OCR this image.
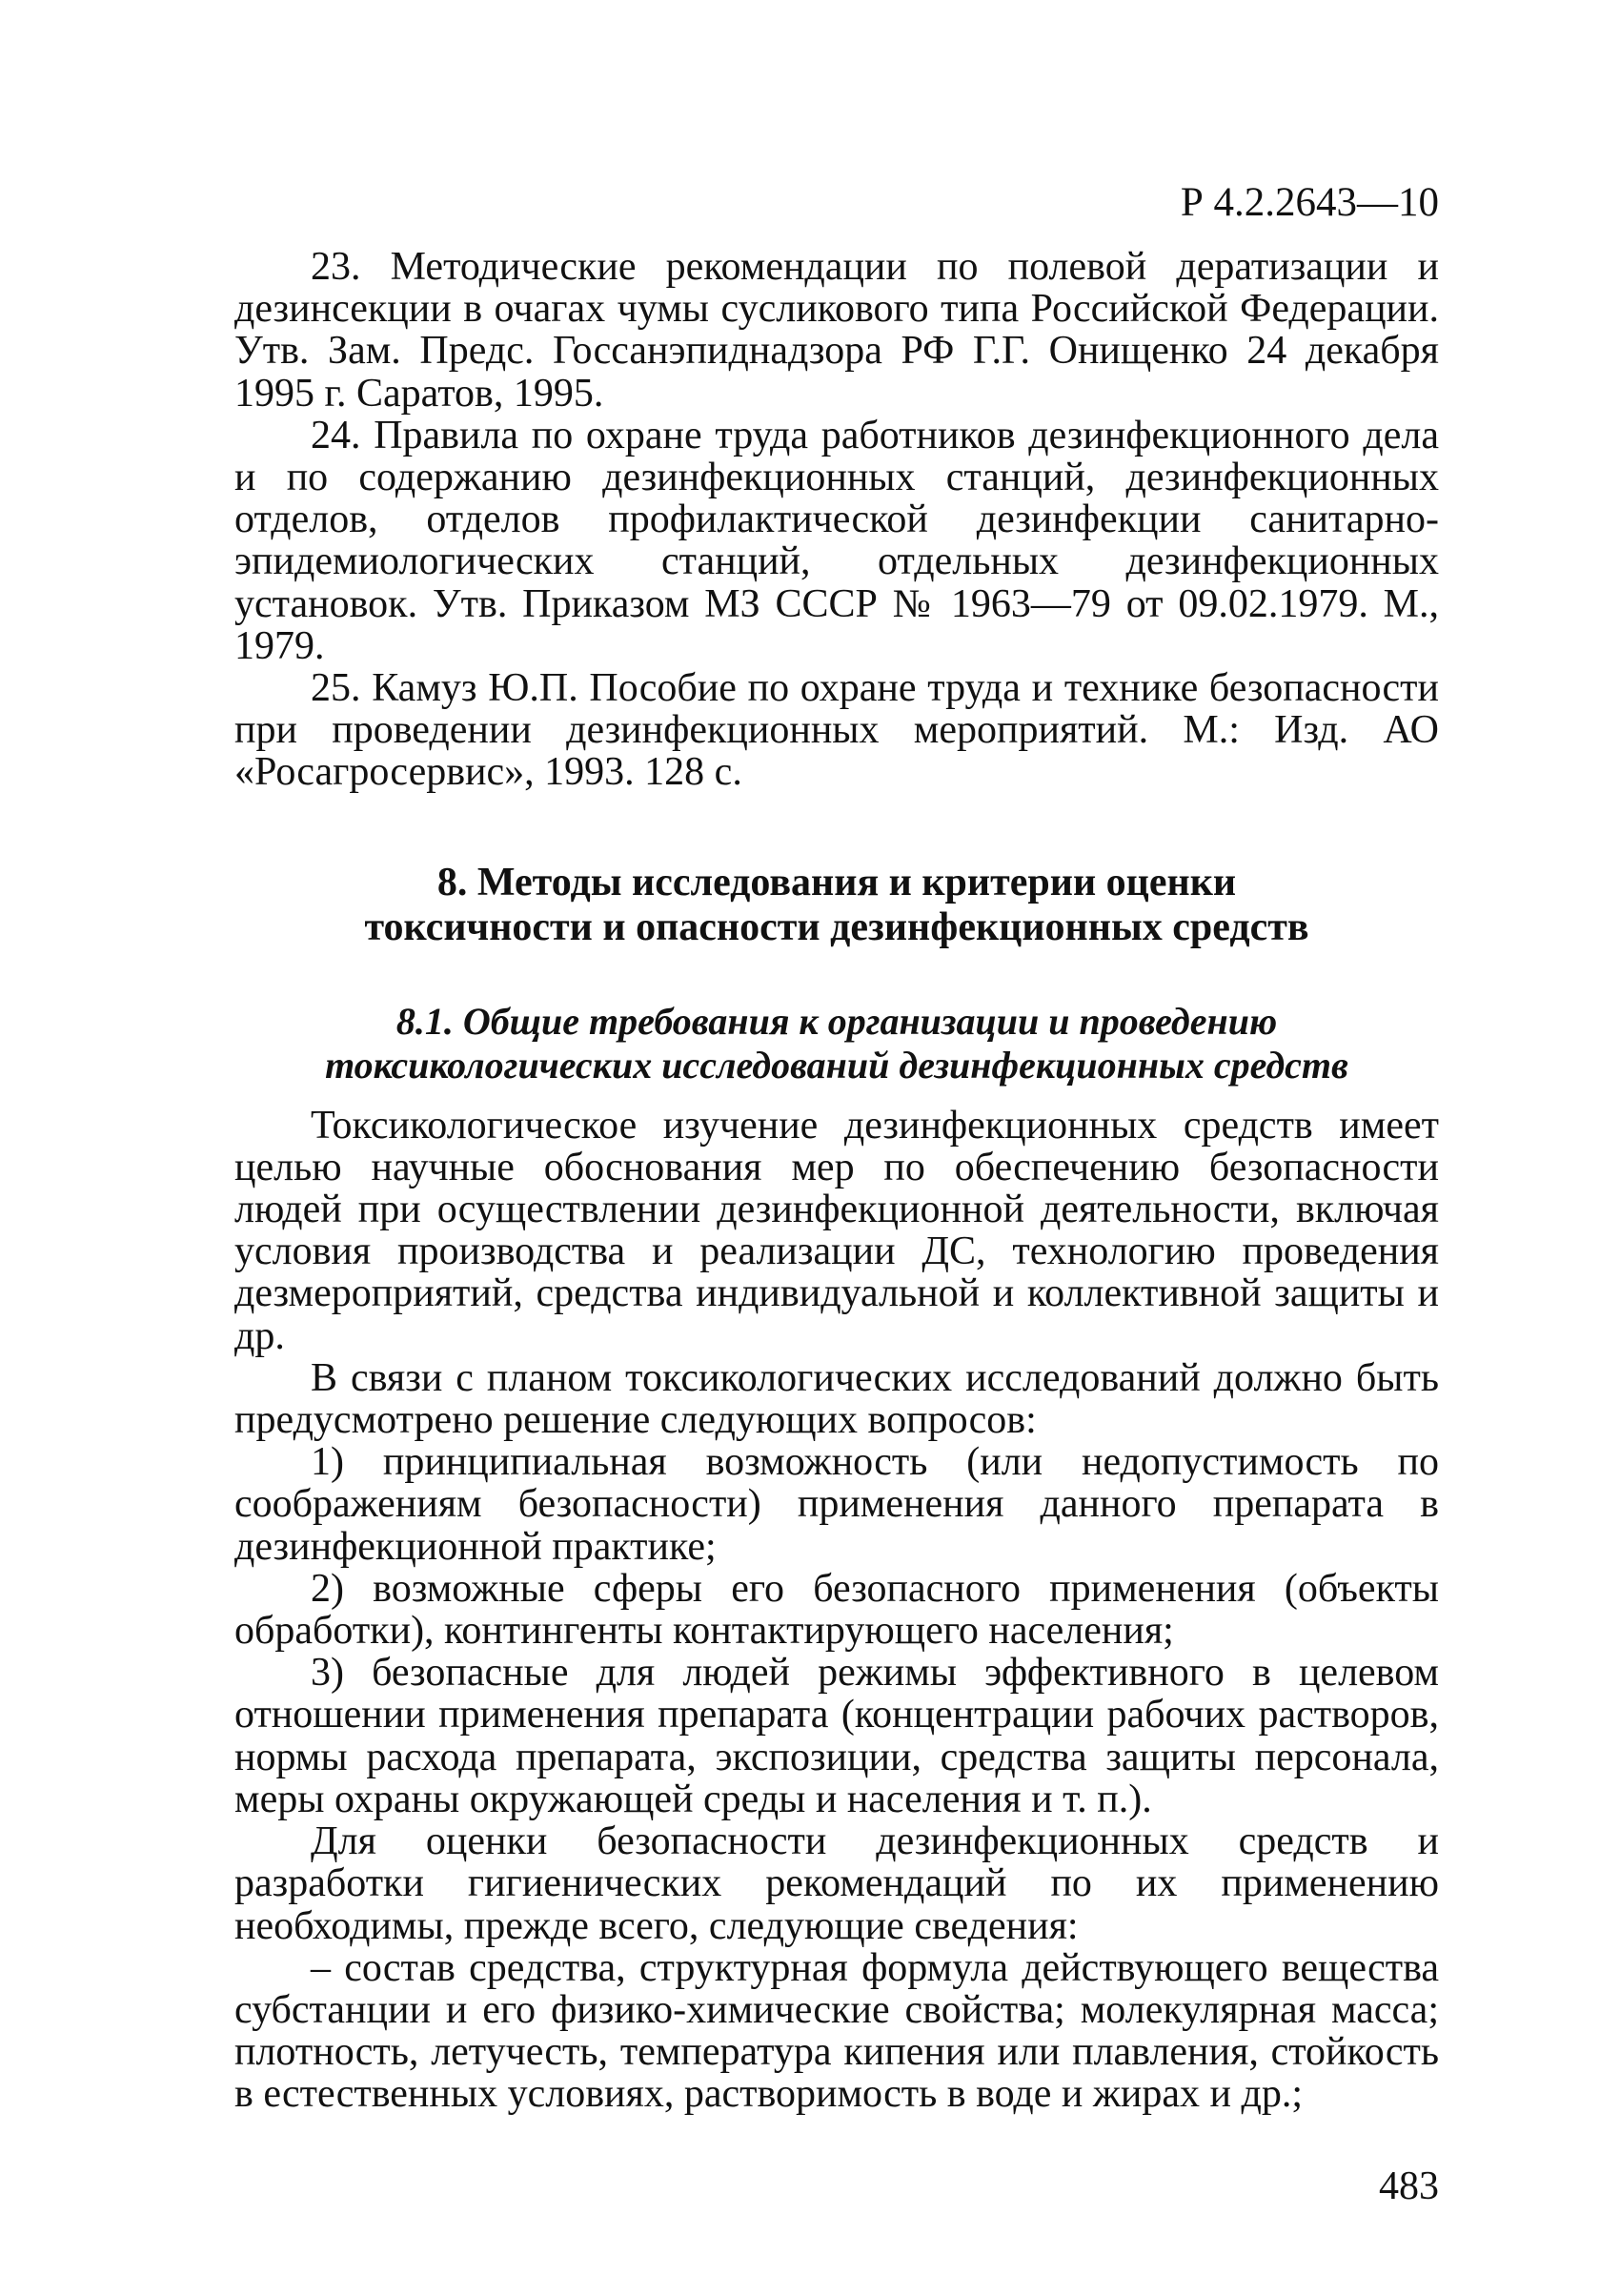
Р 4.2.2643—10

23. Методические рекомендации по полевой дератизации и дезинсекции в очагах чумы сусликового типа Российской Федерации. Утв. Зам. Предс. Госсанэпиднадзора РФ Г.Г. Онищенко 24 декабря 1995 г. Саратов, 1995.

24. Правила по охране труда работников дезинфекционного дела и по содержанию дезинфекционных станций, дезинфекционных отделов, отделов профилактической дезинфекции санитарно-эпидемиологических станций, отдельных дезинфекционных установок. Утв. Приказом МЗ СССР № 1963—79 от 09.02.1979. М., 1979.

25. Камуз Ю.П. Пособие по охране труда и технике безопасности при проведении дезинфекционных мероприятий. М.: Изд. АО «Росагросервис», 1993. 128 с.

8. Методы исследования и критерии оценки
токсичности и опасности дезинфекционных средств
8.1. Общие требования к организации и проведению
токсикологических исследований дезинфекционных средств

Токсикологическое изучение дезинфекционных средств имеет целью научные обоснования мер по обеспечению безопасности людей при осуществлении дезинфекционной деятельности, включая условия производства и реализации ДС, технологию проведения дезмероприятий, средства индивидуальной и коллективной защиты и др.

В связи с планом токсикологических исследований должно быть предусмотрено решение следующих вопросов:

1) принципиальная возможность (или недопустимость по соображениям безопасности) применения данного препарата в дезинфекционной практике;

2) возможные сферы его безопасного применения (объекты обработки), контингенты контактирующего населения;

3) безопасные для людей режимы эффективного в целевом отношении применения препарата (концентрации рабочих растворов, нормы расхода препарата, экспозиции, средства защиты персонала, меры охраны окружающей среды и населения и т. п.).

Для оценки безопасности дезинфекционных средств и разработки гигиенических рекомендаций по их применению необходимы, прежде всего, следующие сведения:

– состав средства, структурная формула действующего вещества субстанции и его физико-химические свойства; молекулярная масса; плотность, летучесть, температура кипения или плавления, стойкость в естественных условиях, растворимость в воде и жирах и др.;

483
